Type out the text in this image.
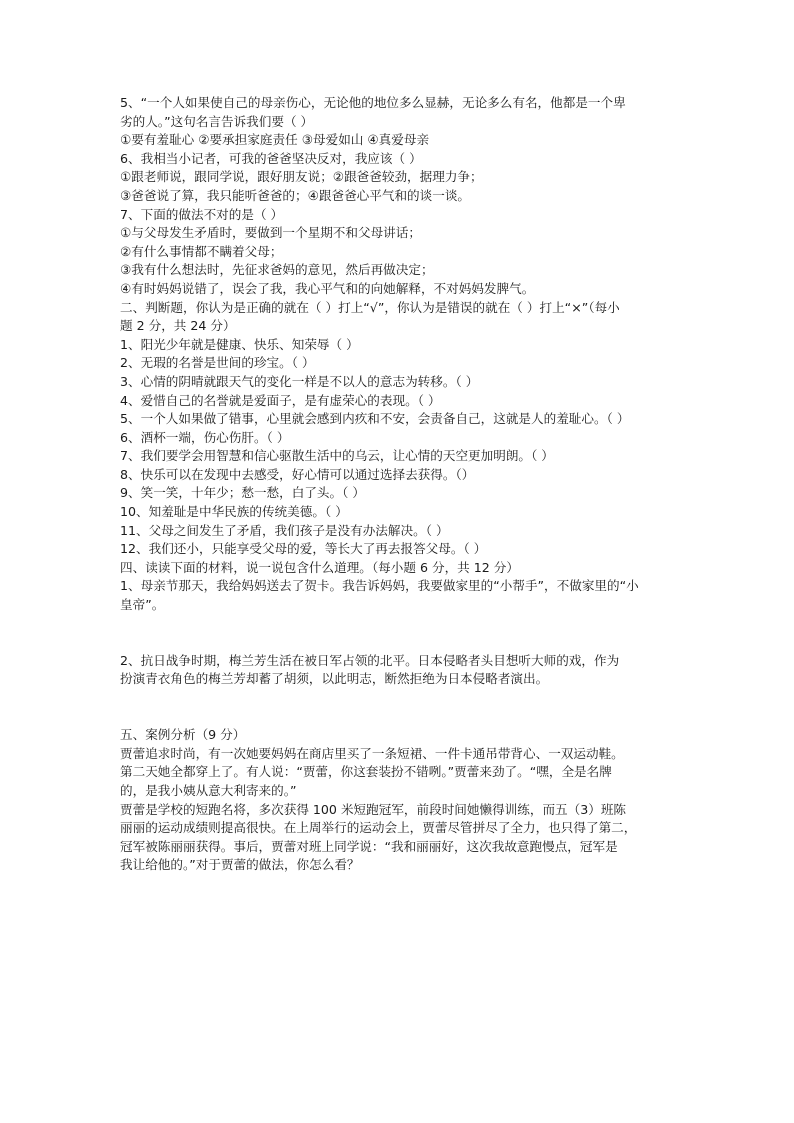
5、“一个人如果使自己的母亲伤心，无论他的地位多么显赫，无论多么有名，他都是一个卑
劣的人。”这句名言告诉我们要（ ）
①要有羞耻心 ②要承担家庭责任 ③母爱如山 ④真爱母亲
6、我相当小记者，可我的爸爸坚决反对，我应该（ ）
①跟老师说，跟同学说，跟好朋友说；②跟爸爸较劲，据理力争；
③爸爸说了算，我只能听爸爸的；④跟爸爸心平气和的谈一谈。
7、下面的做法不对的是（ ）
①与父母发生矛盾时，要做到一个星期不和父母讲话；
②有什么事情都不瞒着父母；
③我有什么想法时，先征求爸妈的意见，然后再做决定；
④有时妈妈说错了，误会了我，我心平气和的向她解释，不对妈妈发脾气。
二、判断题，你认为是正确的就在（ ）打上“√”，你认为是错误的就在（ ）打上“×”（每小
题 2 分，共 24 分）
1、阳光少年就是健康、快乐、知荣辱（ ）
2、无瑕的名誉是世间的珍宝。（ ）
3、心情的阴晴就跟天气的变化一样是不以人的意志为转移。（ ）
4、爱惜自己的名誉就是爱面子，是有虚荣心的表现。（ ）
5、一个人如果做了错事，心里就会感到内疚和不安，会责备自己，这就是人的羞耻心。（ ）
6、酒杯一端，伤心伤肝。（ ）
7、我们要学会用智慧和信心驱散生活中的乌云，让心情的天空更加明朗。（ ）
8、快乐可以在发现中去感受，好心情可以通过选择去获得。（）
9、笑一笑，十年少；愁一愁，白了头。（ ）
10、知羞耻是中华民族的传统美德。（ ）
11、父母之间发生了矛盾，我们孩子是没有办法解决。（ ）
12、我们还小，只能享受父母的爱，等长大了再去报答父母。（ ）
四、读读下面的材料，说一说包含什么道理。（每小题 6 分，共 12 分）
1、母亲节那天，我给妈妈送去了贺卡。我告诉妈妈，我要做家里的“小帮手”，不做家里的“小
皇帝”。
2、抗日战争时期，梅兰芳生活在被日军占领的北平。日本侵略者头目想听大师的戏，作为
扮演青衣角色的梅兰芳却蓄了胡须，以此明志，断然拒绝为日本侵略者演出。
五、案例分析（9 分）
贾蕾追求时尚，有一次她要妈妈在商店里买了一条短裙、一件卡通吊带背心、一双运动鞋。
第二天她全都穿上了。有人说：“贾蕾，你这套装扮不错咧。”贾蕾来劲了。“嘿，全是名牌
的，是我小姨从意大利寄来的。”
贾蕾是学校的短跑名将，多次获得 100 米短跑冠军，前段时间她懒得训练，而五（3）班陈
丽丽的运动成绩则提高很快。在上周举行的运动会上，贾蕾尽管拼尽了全力，也只得了第二，
冠军被陈丽丽获得。事后，贾蕾对班上同学说：“我和丽丽好，这次我故意跑慢点，冠军是
我让给他的。”对于贾蕾的做法，你怎么看？
